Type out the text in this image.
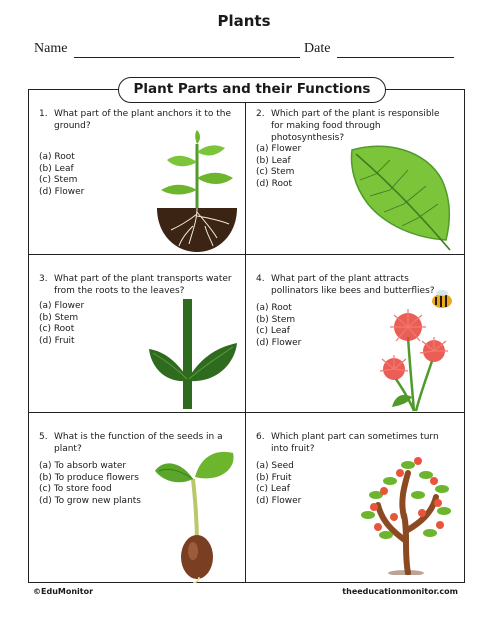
Plants
Name	Date
1. What part of the plant anchors it to the ground?
(a) Root
(b) Leaf
(c) Stem
(d) Flower
2. Which part of the plant is responsible for making food through photosynthesis?
(a) Flower
(b) Leaf
(c) Stem
(d) Root
3. What part of the plant transports water from the roots to the leaves?
(a) Flower
(b) Stem
(c) Root
(d) Fruit
4. What part of the plant attracts pollinators like bees and butterflies?
(a) Root
(b) Stem
(c) Leaf
(d) Flower
5. What is the function of the seeds in a plant?
(a) To absorb water
(b) To produce flowers
(c) To store food
(d) To grow new plants
6. Which plant part can sometimes turn into fruit?
(a) Seed
(b) Fruit
(c) Leaf
(d) Flower
Plant Parts and their Functions
©EduMonitor	theeducationmonitor.com
